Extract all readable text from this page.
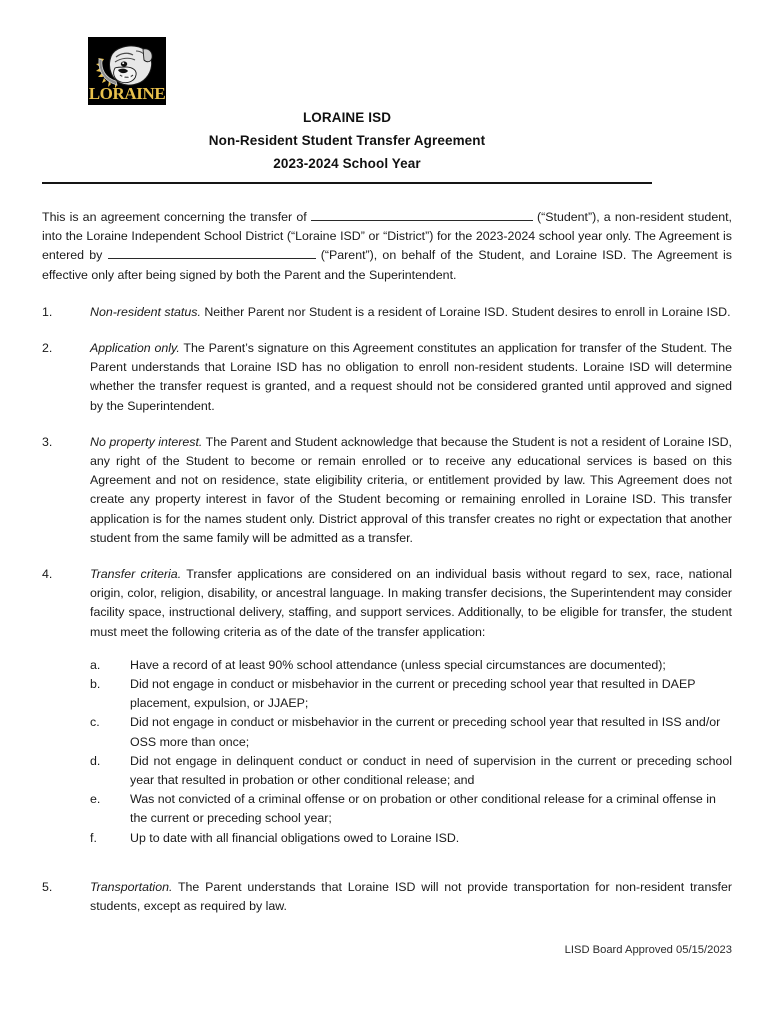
LORAINE
LORAINE ISD
Non-Resident Student Transfer Agreement
2023-2024 School Year

This is an agreement concerning the transfer of	(“Student”), a non-resident student, into the Loraine Independent School District (“Loraine ISD” or “District”) for the 2023-2024 school year only. The Agreement is entered by	(“Parent”), on behalf of the Student, and Loraine ISD. The Agreement is effective only after being signed by both the Parent and the Superintendent.

1.	Non-resident status. Neither Parent nor Student is a resident of Loraine ISD. Student desires to enroll in Loraine ISD.
2.	Application only. The Parent’s signature on this Agreement constitutes an application for transfer of the Student. The Parent understands that Loraine ISD has no obligation to enroll non-resident students. Loraine ISD will determine whether the transfer request is granted, and a request should not be considered granted until approved and signed by the Superintendent.
3.	No property interest. The Parent and Student acknowledge that because the Student is not a resident of Loraine ISD, any right of the Student to become or remain enrolled or to receive any educational services is based on this Agreement and not on residence, state eligibility criteria, or entitlement provided by law. This Agreement does not create any property interest in favor of the Student becoming or remaining enrolled in Loraine ISD. This transfer application is for the names student only. District approval of this transfer creates no right or expectation that another student from the same family will be admitted as a transfer.
4.	Transfer criteria. Transfer applications are considered on an individual basis without regard to sex, race, national origin, color, religion, disability, or ancestral language. In making transfer decisions, the Superintendent may consider facility space, instructional delivery, staffing, and support services. Additionally, to be eligible for transfer, the student must meet the following criteria as of the date of the transfer application:
a.	Have a record of at least 90% school attendance (unless special circumstances are documented);
b.	Did not engage in conduct or misbehavior in the current or preceding school year that resulted in DAEP placement, expulsion, or JJAEP;
c.	Did not engage in conduct or misbehavior in the current or preceding school year that resulted in ISS and/or OSS more than once;
d.	Did not engage in delinquent conduct or conduct in need of supervision in the current or preceding school year that resulted in probation or other conditional release; and
e.	Was not convicted of a criminal offense or on probation or other conditional release for a criminal offense in the current or preceding school year;
f.	Up to date with all financial obligations owed to Loraine ISD.
5.	Transportation. The Parent understands that Loraine ISD will not provide transportation for non-resident transfer students, except as required by law.
LISD Board Approved 05/15/2023
